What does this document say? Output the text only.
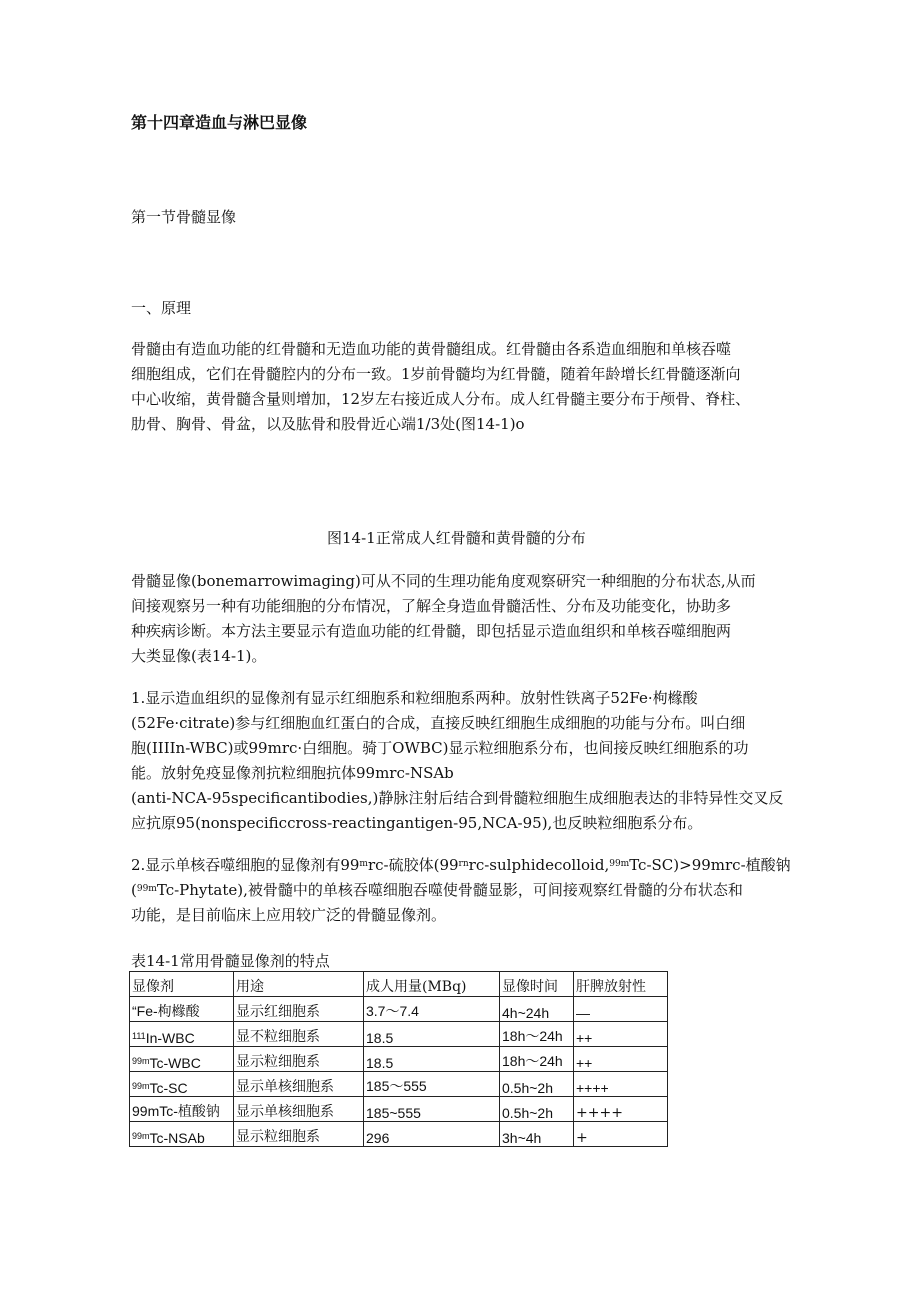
第十四章造血与淋巴显像
第一节骨髓显像
一、原理
骨髓由有造血功能的红骨髓和无造血功能的黄骨髓组成。红骨髓由各系造血细胞和单核吞噬
细胞组成，它们在骨髓腔内的分布一致。1岁前骨髓均为红骨髓，随着年龄增长红骨髓逐渐向
中心收缩，黄骨髓含量则增加，12岁左右接近成人分布。成人红骨髓主要分布于颅骨、脊柱、
肋骨、胸骨、骨盆，以及肱骨和股骨近心端1/3处(图14-1)o
图14-1正常成人红骨髓和黄骨髓的分布
骨髓显像(bonemarrowimaging)可从不同的生理功能角度观察研究一种细胞的分布状态,从而
间接观察另一种有功能细胞的分布情况，了解全身造血骨髓活性、分布及功能变化，协助多
种疾病诊断。本方法主要显示有造血功能的红骨髓，即包括显示造血组织和单核吞噬细胞两
大类显像(表14-1)。
1.显示造血组织的显像剂有显示红细胞系和粒细胞系两种。放射性铁离子52Fe·枸橼酸
(52Fe·citrate)参与红细胞血红蛋白的合成，直接反映红细胞生成细胞的功能与分布。叫白细
胞(IIIIn-WBC)或99mrc·白细胞。骑丁OWBC)显示粒细胞系分布，也间接反映红细胞系的功
能。放射免疫显像剂抗粒细胞抗体99mrc-NSAb
(anti-NCA-95specificantibodies,)静脉注射后结合到骨髓粒细胞生成细胞表达的非特异性交叉反
应抗原95(nonspecificcross-reactingantigen-95,NCA-95),也反映粒细胞系分布。
2.显示单核吞噬细胞的显像剂有99$^m$rc-硫胶体$(99^{rn}rc-sulphidecolloid,^{99m}Tc-SC)>99mrc-$植酸钠
($^{99m}$Tc-Phytate),被骨髓中的单核吞噬细胞吞噬使骨髓显影，可间接观察红骨髓的分布状态和
功能，是目前临床上应用较广泛的骨髓显像剂。
表14-1常用骨髓显像剂的特点
显像剂	用途	成人用量(MBq)	显像时间	肝脾放射性
“Fe-枸橼酸	显示红细胞系	3.7～7.4	4h~24h	—
$^{111}$In-WBC	显不粒细胞系	18.5	18h～24h	++
$^{99m}$Tc-WBC	显示粒细胞系	18.5	18h～24h	++
$^{99m}$Tc-SC	显示单核细胞系	185～555	0.5h~2h	++++
99mTc-植酸钠	显示单核细胞系	185~555	0.5h~2h	++++
$^{99m}$Tc-NSAb	显示粒细胞系	296	3h~4h	+
